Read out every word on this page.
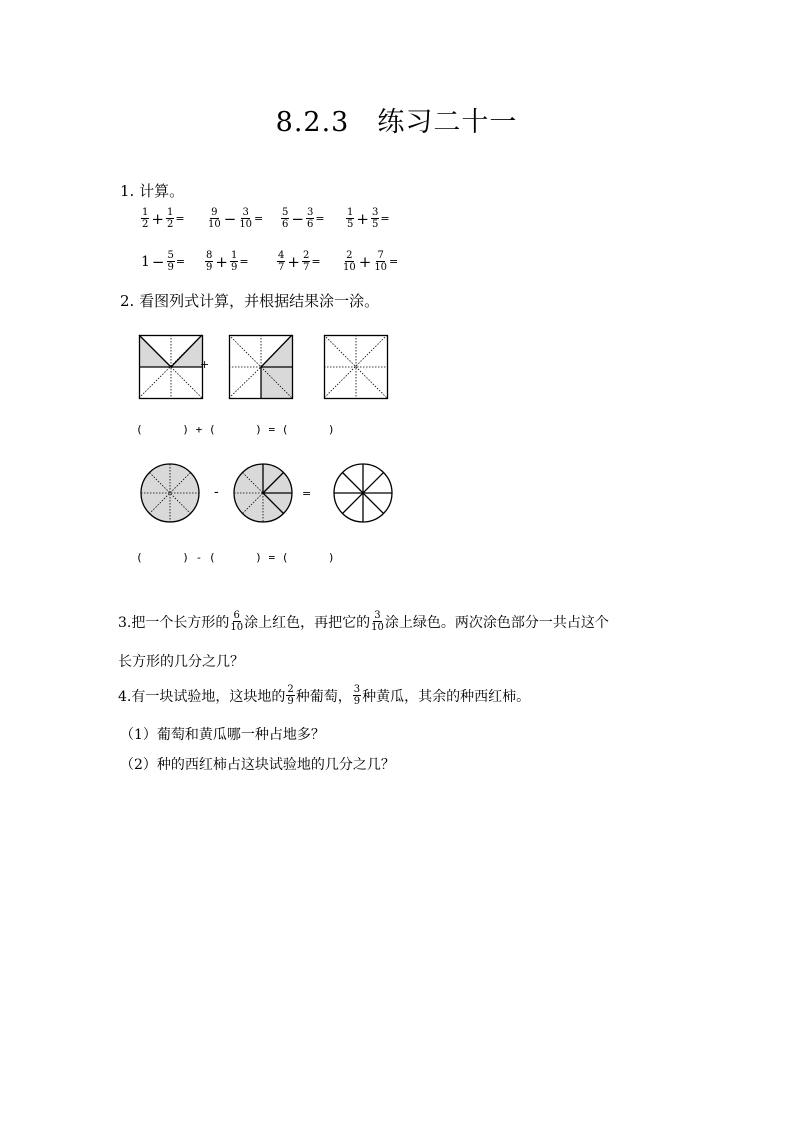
8.2.3　练习二十一
1. 计算。
$\frac{1}{2} + \frac{1}{2} = \frac{9}{10} - \frac{3}{10} = \frac{5}{6} - \frac{3}{6} = \frac{1}{5} + \frac{3}{5}$ =
$1 - \frac{5}{9} = \frac{8}{9} + \frac{1}{9}$ =	$\frac{4}{7} + \frac{2}{7} = \frac{2}{10} + \frac{7}{10}$ =
2. 看图列式计算，并根据结果涂一涂。
+
(      ) + (      ) = (      )
-	=
(      ) - (      ) = (      )
3.把一个长方形的 $\frac{6}{10}$ 涂上红色，再把它的 $\frac{3}{10}$ 涂上绿色。两次涂色部分一共占这个
长方形的几分之几？
4.有一块试验地，这块地的 $\frac{2}{9}$ 种葡萄， $\frac{3}{9}$ 种黄瓜，其余的种西红柿。
（1）葡萄和黄瓜哪一种占地多？
（2）种的西红柿占这块试验地的几分之几？
